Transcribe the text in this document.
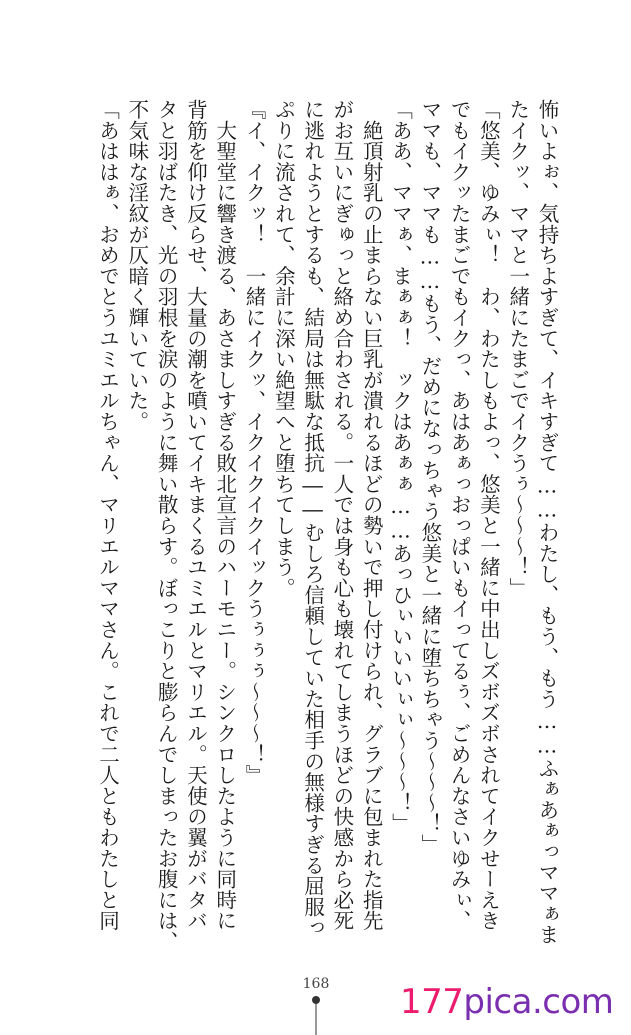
怖いよぉ、気持ちよすぎて、イキすぎて……わたし、もう、もう……ふぁあぁっママぁま
たイクッ、ママと一緒にたまごでイクうぅ～～～！」
「悠美、ゆみぃ！　わ、わたしもよっ、悠美と一緒に中出しズボズボされてイクせーえき
でもイクッたまごでもイクっ、あはあぁっおっぱいもイってるぅ、ごめんなさいゆみぃ、
ママも、ママも……もう、だめになっちゃう悠美と一緒に堕ちちゃう～～～！」
「ああ、ママぁ、まぁぁ！　ックはあぁぁ……あっひぃいいいぃぃ～～～！」
　絶頂射乳の止まらない巨乳が潰れるほどの勢いで押し付けられ、グラブに包まれた指先
がお互いにぎゅっと絡め合わされる。一人では身も心も壊れてしまうほどの快感から必死
に逃れようとするも、結局は無駄な抵抗――むしろ信頼していた相手の無様すぎる屈服っ
ぷりに流されて、余計に深い絶望へと堕ちてしまう。
『イ、イクッ！　一緒にイクッ、イクイクイクイックうぅぅぅ～～～！』
　大聖堂に響き渡る、あさましすぎる敗北宣言のハーモニー。シンクロしたように同時に
背筋を仰け反らせ、大量の潮を噴いてイキまくるユミエルとマリエル。天使の翼がバタバ
タと羽ばたき、光の羽根を涙のように舞い散らす。ぼっこりと膨らんでしまったお腹には、
不気味な淫紋が仄暗く輝いていた。
「あははぁ、おめでとうユミエルちゃん、マリエルママさん。これで二人ともわたしと同
168 177pica.com
